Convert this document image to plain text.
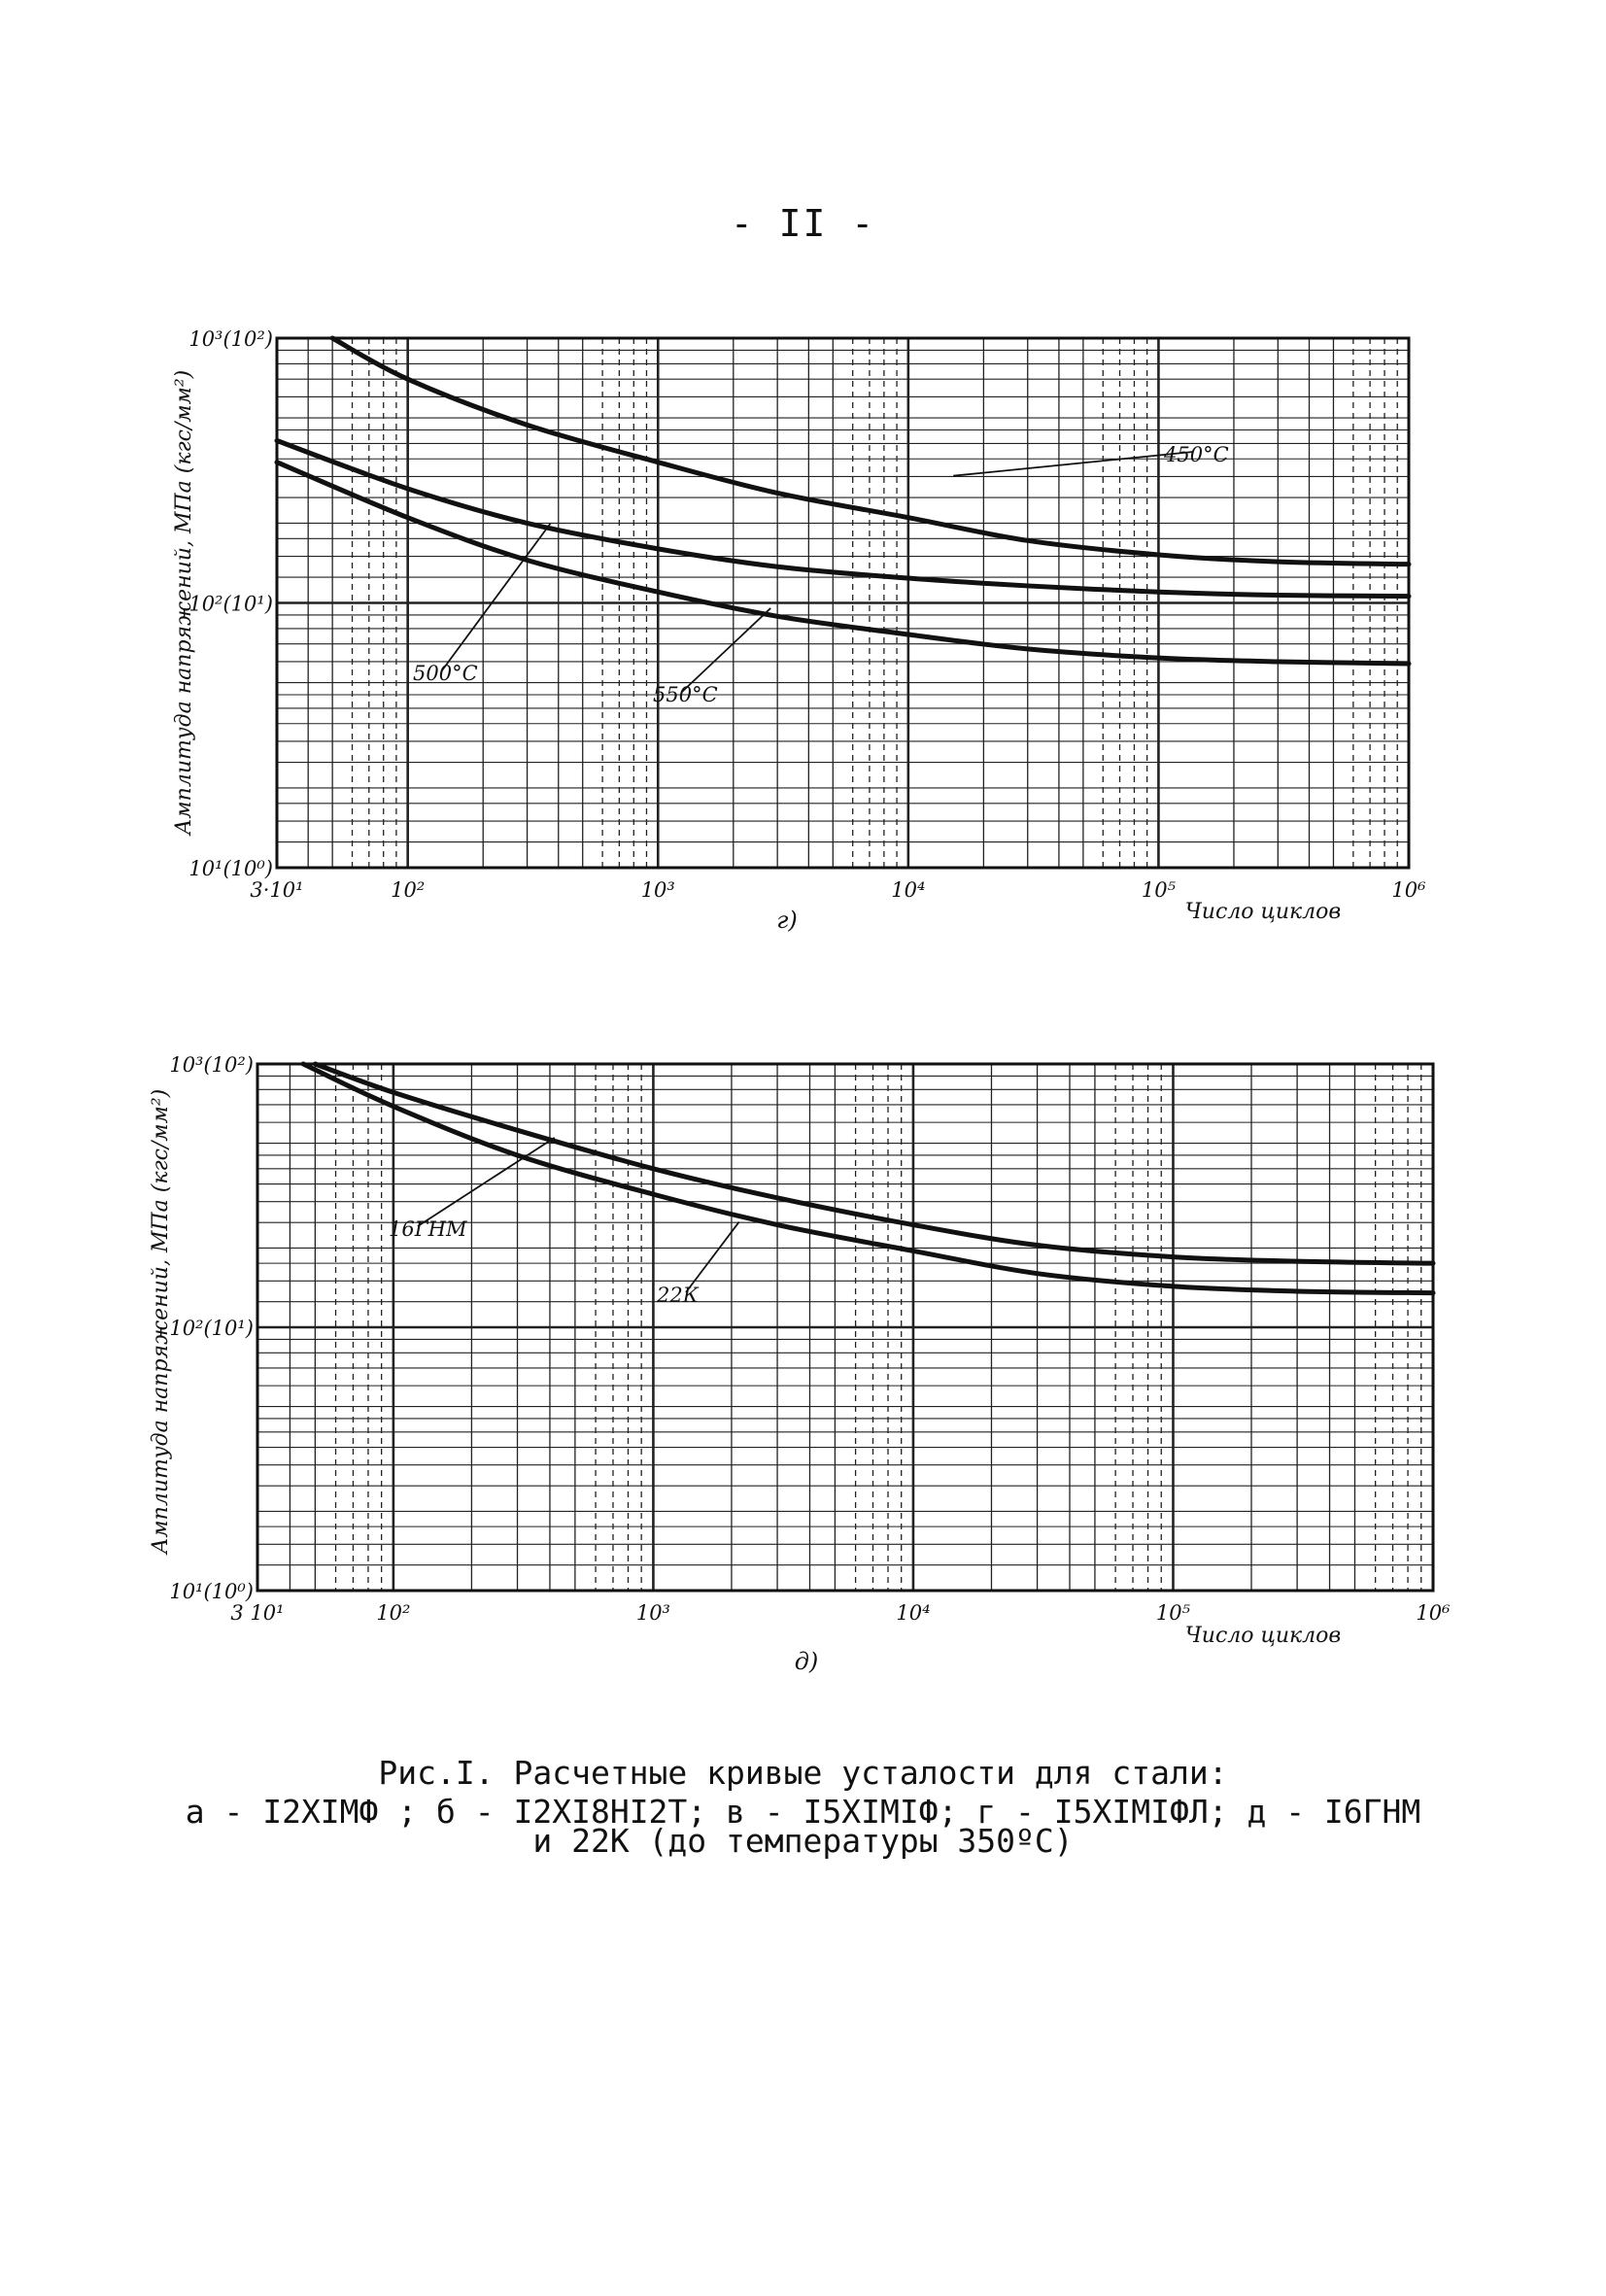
- II -
3·10¹	10²	10³	10⁴	10⁵	10⁶
10¹(10⁰)
10²(10¹)
10³(10²)
Амплитуда напряжений, МПа (кгс/мм²)
Число циклов
г)
450°C
500°C
550°C
3 10¹	10²	10³	10⁴	10⁵	10⁶
10¹(10⁰)
10²(10¹)
10³(10²)
Амплитуда напряжений, МПа (кгс/мм²)
Число циклов
д)
16ГНМ
22К
Рис.I. Расчетные кривые усталости для стали:
а - I2XIМФ ; б - I2XI8HI2T; в - I5XIМIФ; г - I5XIМIФЛ; д - I6ГНМ
и 22К (до температуры 350ºC)
